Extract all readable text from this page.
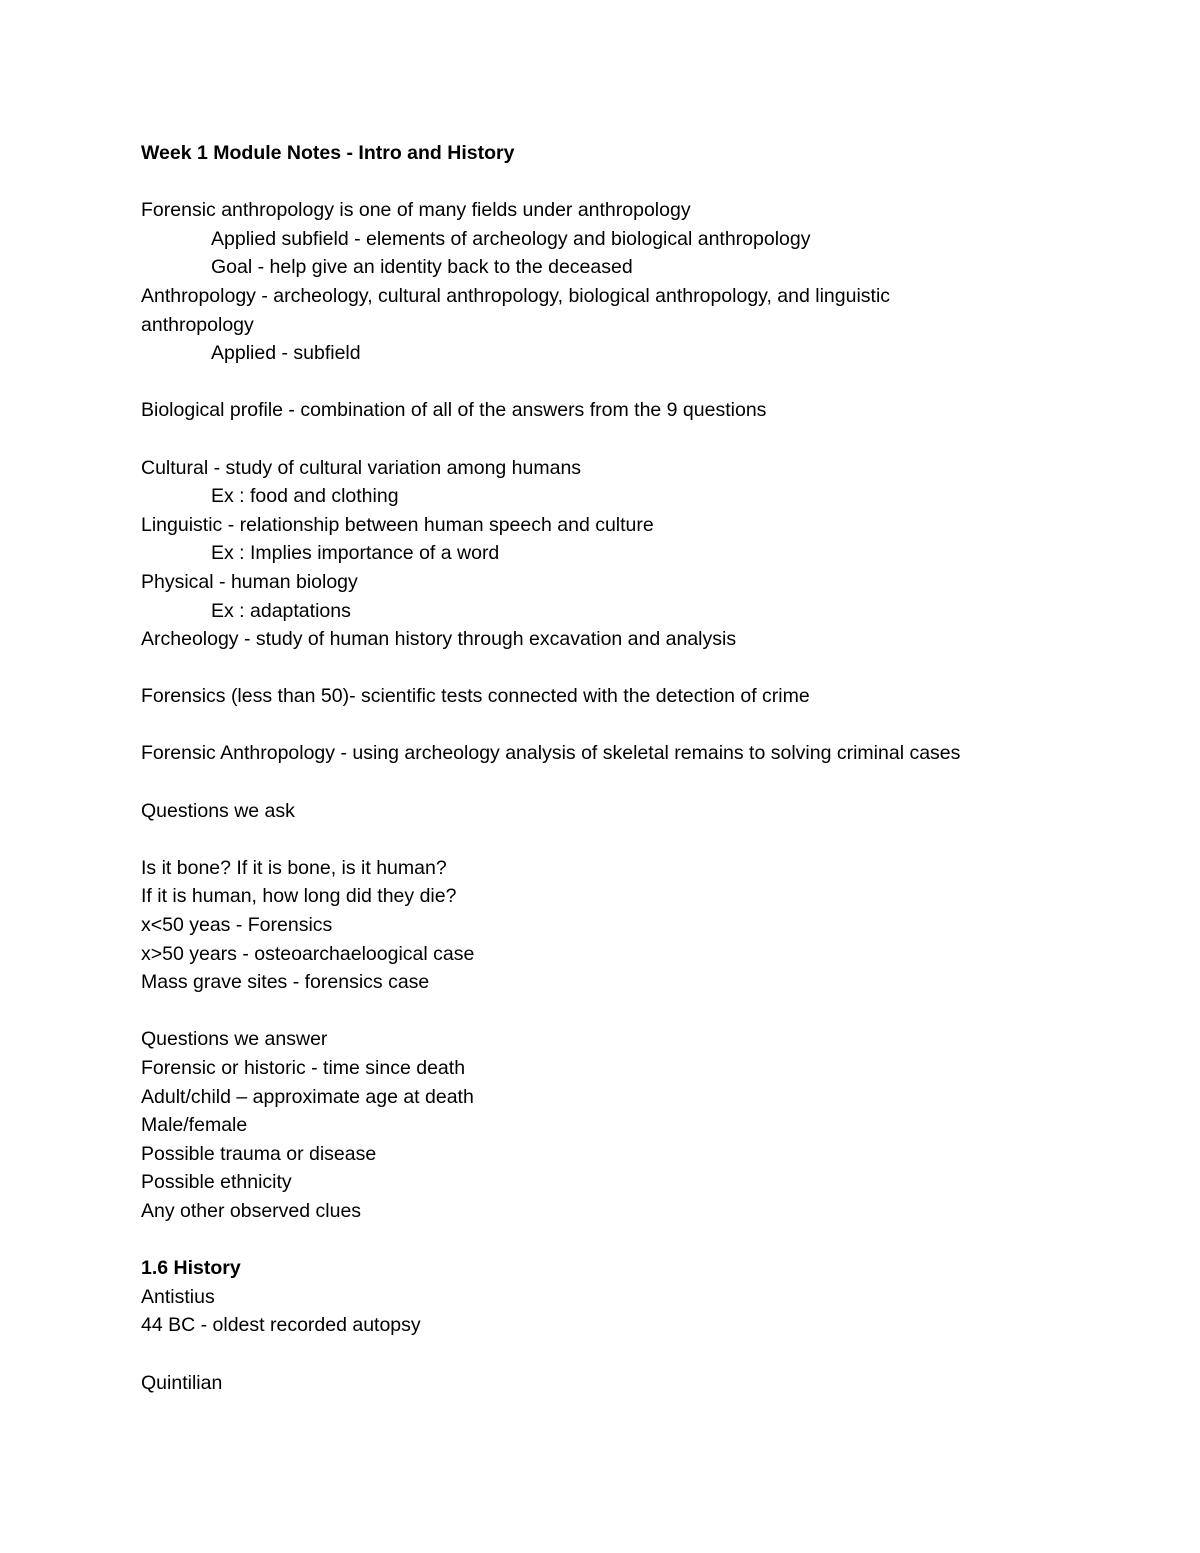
Week 1 Module Notes - Intro and History
Forensic anthropology is one of many fields under anthropology
Applied subfield - elements of archeology and biological anthropology
Goal - help give an identity back to the deceased
Anthropology - archeology, cultural anthropology, biological anthropology, and linguistic anthropology
Applied - subfield
Biological profile - combination of all of the answers from the 9 questions
Cultural - study of cultural variation among humans
Ex : food and clothing
Linguistic - relationship between human speech and culture
Ex : Implies importance of a word
Physical - human biology
Ex : adaptations
Archeology - study of human history through excavation and analysis
Forensics (less than 50)- scientific tests connected with the detection of crime
Forensic Anthropology - using archeology analysis of skeletal remains to solving criminal cases
Questions we ask
Is it bone? If it is bone, is it human?
If it is human, how long did they die?
x<50 yeas - Forensics
x>50 years - osteoarchaeloogical case
Mass grave sites - forensics case
Questions we answer
Forensic or historic - time since death
Adult/child – approximate age at death
Male/female
Possible trauma or disease
Possible ethnicity
Any other observed clues
1.6 History
Antistius
44 BC - oldest recorded autopsy
Quintilian
